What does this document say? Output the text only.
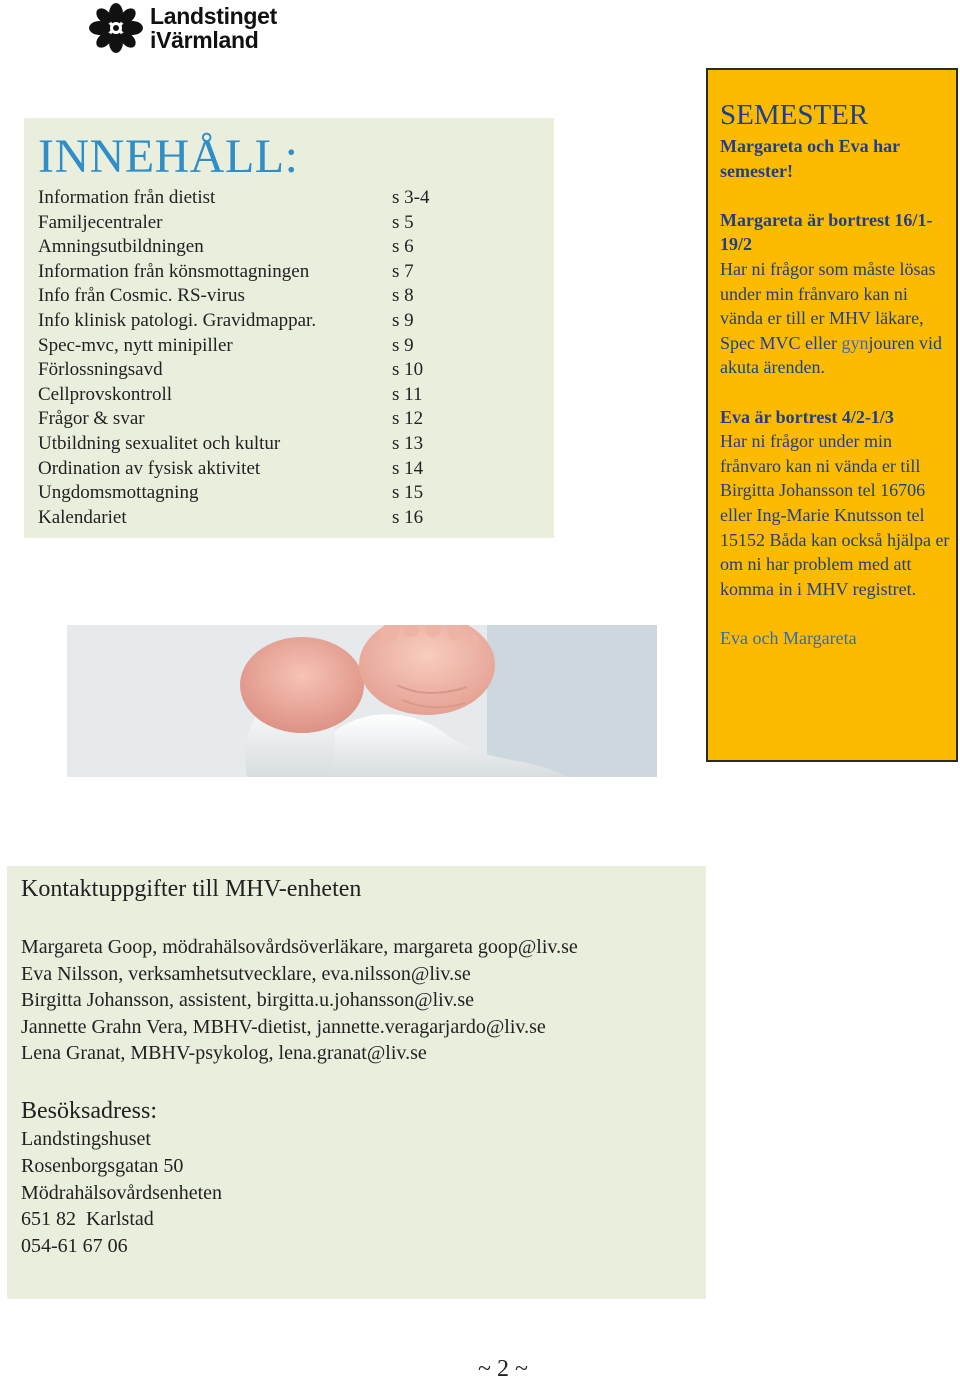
Landstinget
iVärmland
INNEHÅLL:
Information från dietist	s 3-4
Familjecentraler	s 5
Amningsutbildningen	s 6
Information från könsmottagningen	s 7
Info från Cosmic. RS-virus	s 8
Info klinisk patologi. Gravidmappar.	s 9
Spec-mvc, nytt minipiller	s 9
Förlossningsavd	s 10
Cellprovskontroll	s 11
Frågor & svar	s 12
Utbildning sexualitet och kultur	s 13
Ordination av fysisk aktivitet	s 14
Ungdomsmottagning	s 15
Kalendariet	s 16
SEMESTER

Margareta och Eva har semester!

Margareta är bortrest 16/1-19/2

Har ni frågor som måste lösas under min frånvaro kan ni vända er till er MHV läkare, Spec MVC eller gynjouren vid akuta ärenden.

Eva är bortrest 4/2-1/3

Har ni frågor under min frånvaro kan ni vända er till Birgitta Johansson tel 16706 eller Ing-Marie Knutsson tel 15152 Båda kan också hjälpa er om ni har problem med att komma in i MHV registret.

Eva och Margareta

Kontaktuppgifter till MHV-enheten
Margareta Goop, mödrahälsovårdsöverläkare, margareta goop@liv.se
Eva Nilsson, verksamhetsutvecklare, eva.nilsson@liv.se
Birgitta Johansson, assistent, birgitta.u.johansson@liv.se
Jannette Grahn Vera, MBHV-dietist, jannette.veragarjardo@liv.se
Lena Granat, MBHV-psykolog, lena.granat@liv.se
Besöksadress:
Landstingshuset
Rosenborgsgatan 50
Mödrahälsovårdsenheten
651 82  Karlstad
054-61 67 06
~ 2 ~
